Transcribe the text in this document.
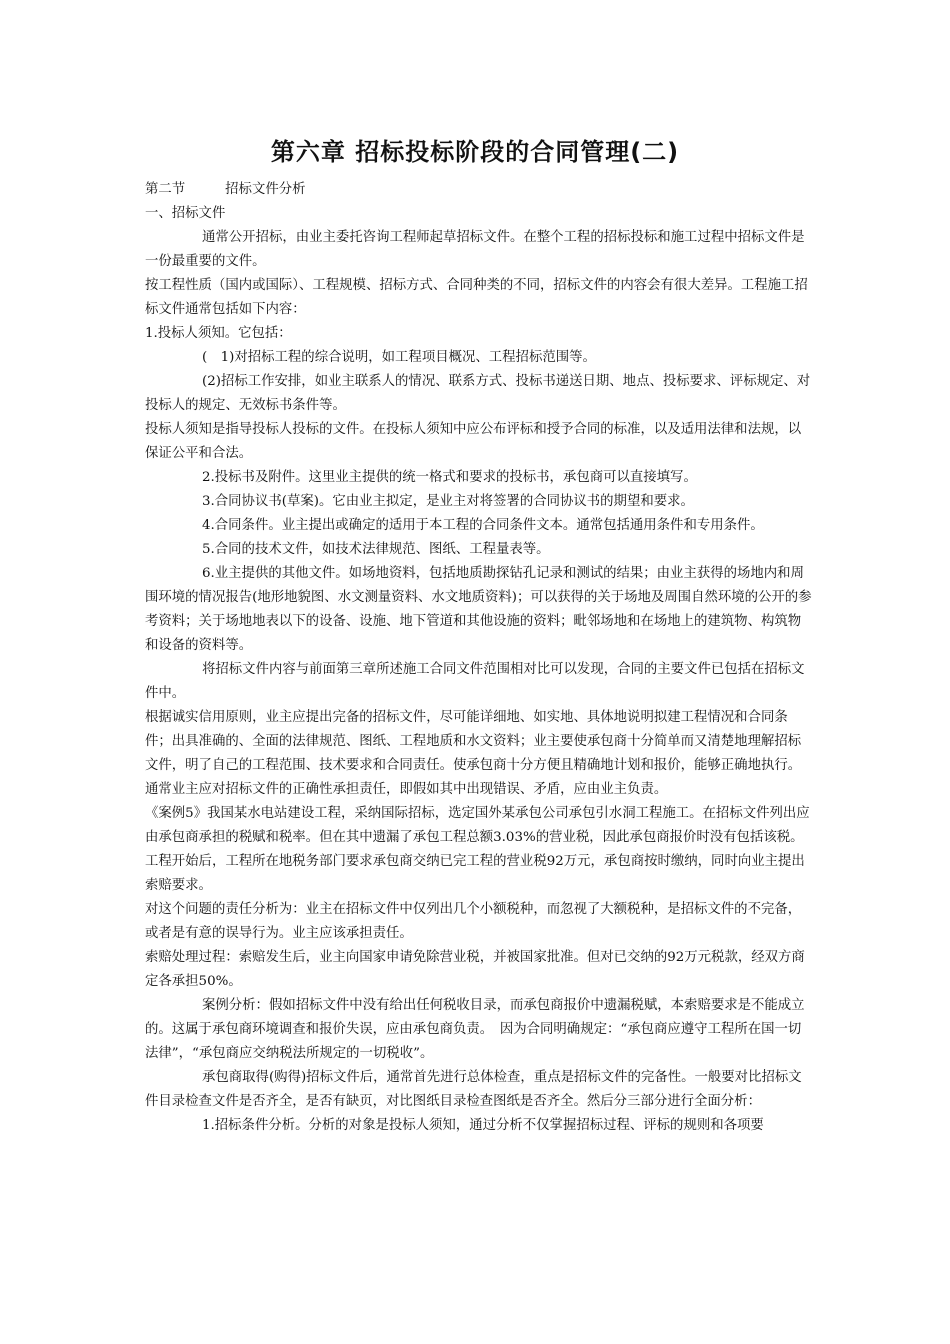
第六章 招标投标阶段的合同管理(二)
第二节	招标文件分析

一、招标文件

通常公开招标，由业主委托咨询工程师起草招标文件。在整个工程的招标投标和施工过程中招标文件是一份最重要的文件。

按工程性质（国内或国际）、工程规模、招标方式、合同种类的不同，招标文件的内容会有很大差异。工程施工招标文件通常包括如下内容：

1.投标人须知。它包括：

(　1)对招标工程的综合说明，如工程项目概况、工程招标范围等。

(2)招标工作安排，如业主联系人的情况、联系方式、投标书递送日期、地点、投标要求、评标规定、对投标人的规定、无效标书条件等。

投标人须知是指导投标人投标的文件。在投标人须知中应公布评标和授予合同的标准，以及适用法律和法规，以保证公平和合法。

2.投标书及附件。这里业主提供的统一格式和要求的投标书，承包商可以直接填写。

3.合同协议书(草案)。它由业主拟定，是业主对将签署的合同协议书的期望和要求。

4.合同条件。业主提出或确定的适用于本工程的合同条件文本。通常包括通用条件和专用条件。

5.合同的技术文件，如技术法律规范、图纸、工程量表等。

6.业主提供的其他文件。如场地资料，包括地质勘探钻孔记录和测试的结果；由业主获得的场地内和周围环境的情况报告(地形地貌图、水文测量资料、水文地质资料)；可以获得的关于场地及周围自然环境的公开的参考资料；关于场地地表以下的设备、设施、地下管道和其他设施的资料；毗邻场地和在场地上的建筑物、构筑物和设备的资料等。

将招标文件内容与前面第三章所述施工合同文件范围相对比可以发现，合同的主要文件已包括在招标文件中。

根据诚实信用原则，业主应提出完备的招标文件，尽可能详细地、如实地、具体地说明拟建工程情况和合同条件；出具准确的、全面的法律规范、图纸、工程地质和水文资料；业主要使承包商十分简单而又清楚地理解招标文件，明了自己的工程范围、技术要求和合同责任。使承包商十分方便且精确地计划和报价，能够正确地执行。通常业主应对招标文件的正确性承担责任，即假如其中出现错误、矛盾，应由业主负责。

《案例5》我国某水电站建设工程，采纳国际招标，选定国外某承包公司承包引水洞工程施工。在招标文件列出应由承包商承担的税赋和税率。但在其中遗漏了承包工程总额3.03%的营业税，因此承包商报价时没有包括该税。

工程开始后，工程所在地税务部门要求承包商交纳已完工程的营业税92万元，承包商按时缴纳，同时向业主提出索赔要求。

对这个问题的责任分析为：业主在招标文件中仅列出几个小额税种，而忽视了大额税种，是招标文件的不完备，或者是有意的误导行为。业主应该承担责任。

索赔处理过程：索赔发生后，业主向国家申请免除营业税，并被国家批准。但对已交纳的92万元税款，经双方商定各承担50%。

案例分析：假如招标文件中没有给出任何税收目录，而承包商报价中遗漏税赋，本索赔要求是不能成立的。这属于承包商环境调查和报价失误，应由承包商负责。　因为合同明确规定：“承包商应遵守工程所在国一切法律”，“承包商应交纳税法所规定的一切税收”。

承包商取得(购得)招标文件后，通常首先进行总体检查，重点是招标文件的完备性。一般要对比招标文件目录检查文件是否齐全，是否有缺页，对比图纸目录检查图纸是否齐全。然后分三部分进行全面分析：

1.招标条件分析。分析的对象是投标人须知，通过分析不仅掌握招标过程、评标的规则和各项要
